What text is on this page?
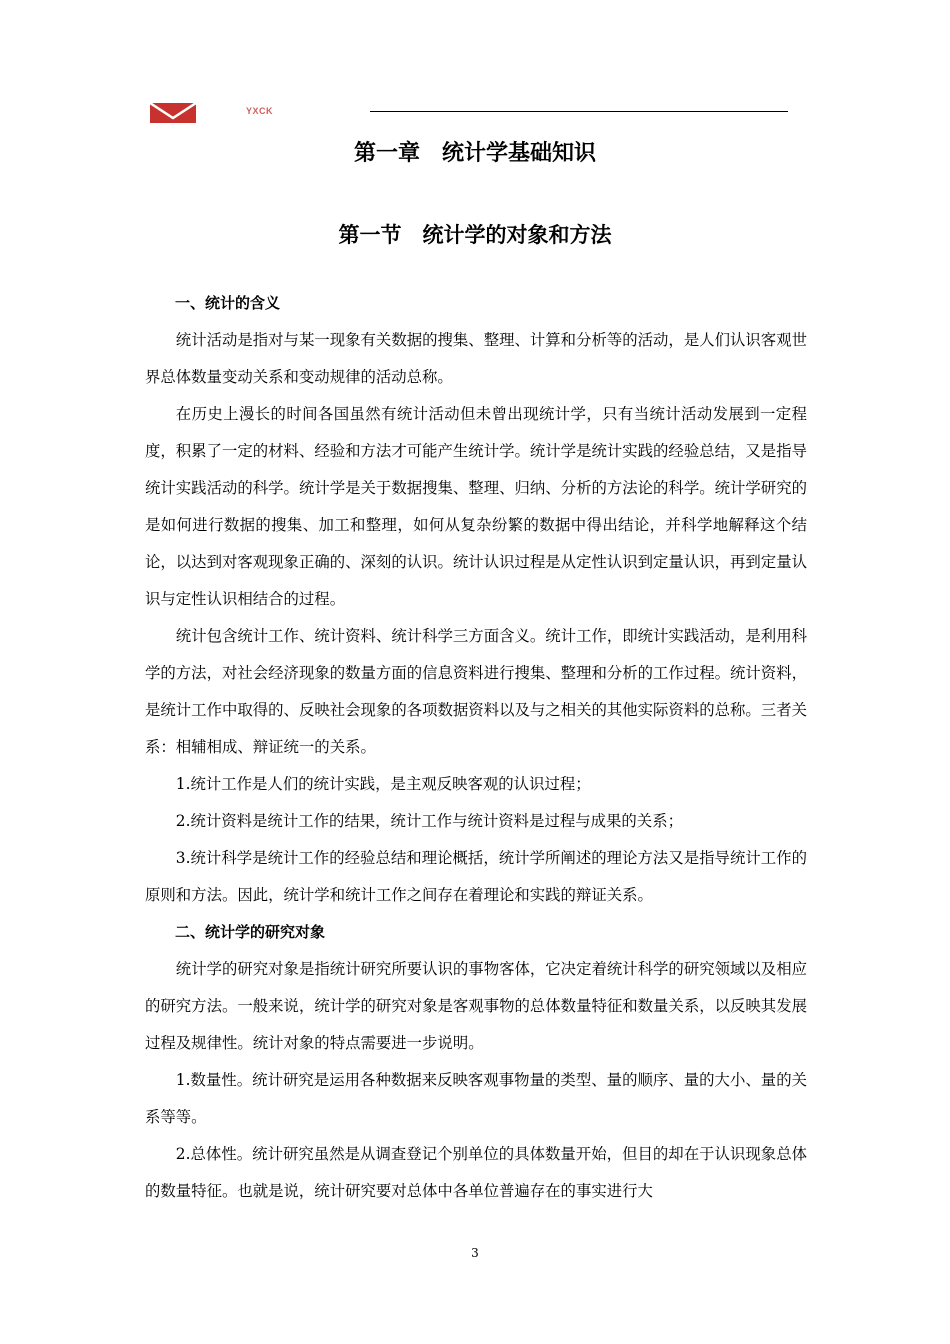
YXCK
第一章　统计学基础知识
第一节　统计学的对象和方法

一、统计的含义

统计活动是指对与某一现象有关数据的搜集、整理、计算和分析等的活动，是人们认识客观世界总体数量变动关系和变动规律的活动总称。

在历史上漫长的时间各国虽然有统计活动但未曾出现统计学，只有当统计活动发展到一定程度，积累了一定的材料、经验和方法才可能产生统计学。统计学是统计实践的经验总结，又是指导统计实践活动的科学。统计学是关于数据搜集、整理、归纳、分析的方法论的科学。统计学研究的是如何进行数据的搜集、加工和整理，如何从复杂纷繁的数据中得出结论，并科学地解释这个结论，以达到对客观现象正确的、深刻的认识。统计认识过程是从定性认识到定量认识，再到定量认识与定性认识相结合的过程。

统计包含统计工作、统计资料、统计科学三方面含义。统计工作，即统计实践活动，是利用科学的方法，对社会经济现象的数量方面的信息资料进行搜集、整理和分析的工作过程。统计资料，是统计工作中取得的、反映社会现象的各项数据资料以及与之相关的其他实际资料的总称。三者关系：相辅相成、辩证统一的关系。

1.统计工作是人们的统计实践，是主观反映客观的认识过程；

2.统计资料是统计工作的结果，统计工作与统计资料是过程与成果的关系；

3.统计科学是统计工作的经验总结和理论概括，统计学所阐述的理论方法又是指导统计工作的原则和方法。因此，统计学和统计工作之间存在着理论和实践的辩证关系。

二、统计学的研究对象

统计学的研究对象是指统计研究所要认识的事物客体，它决定着统计科学的研究领域以及相应的研究方法。一般来说，统计学的研究对象是客观事物的总体数量特征和数量关系，以反映其发展过程及规律性。统计对象的特点需要进一步说明。

1.数量性。统计研究是运用各种数据来反映客观事物量的类型、量的顺序、量的大小、量的关系等等。

2.总体性。统计研究虽然是从调查登记个别单位的具体数量开始，但目的却在于认识现象总体的数量特征。也就是说，统计研究要对总体中各单位普遍存在的事实进行大

3
